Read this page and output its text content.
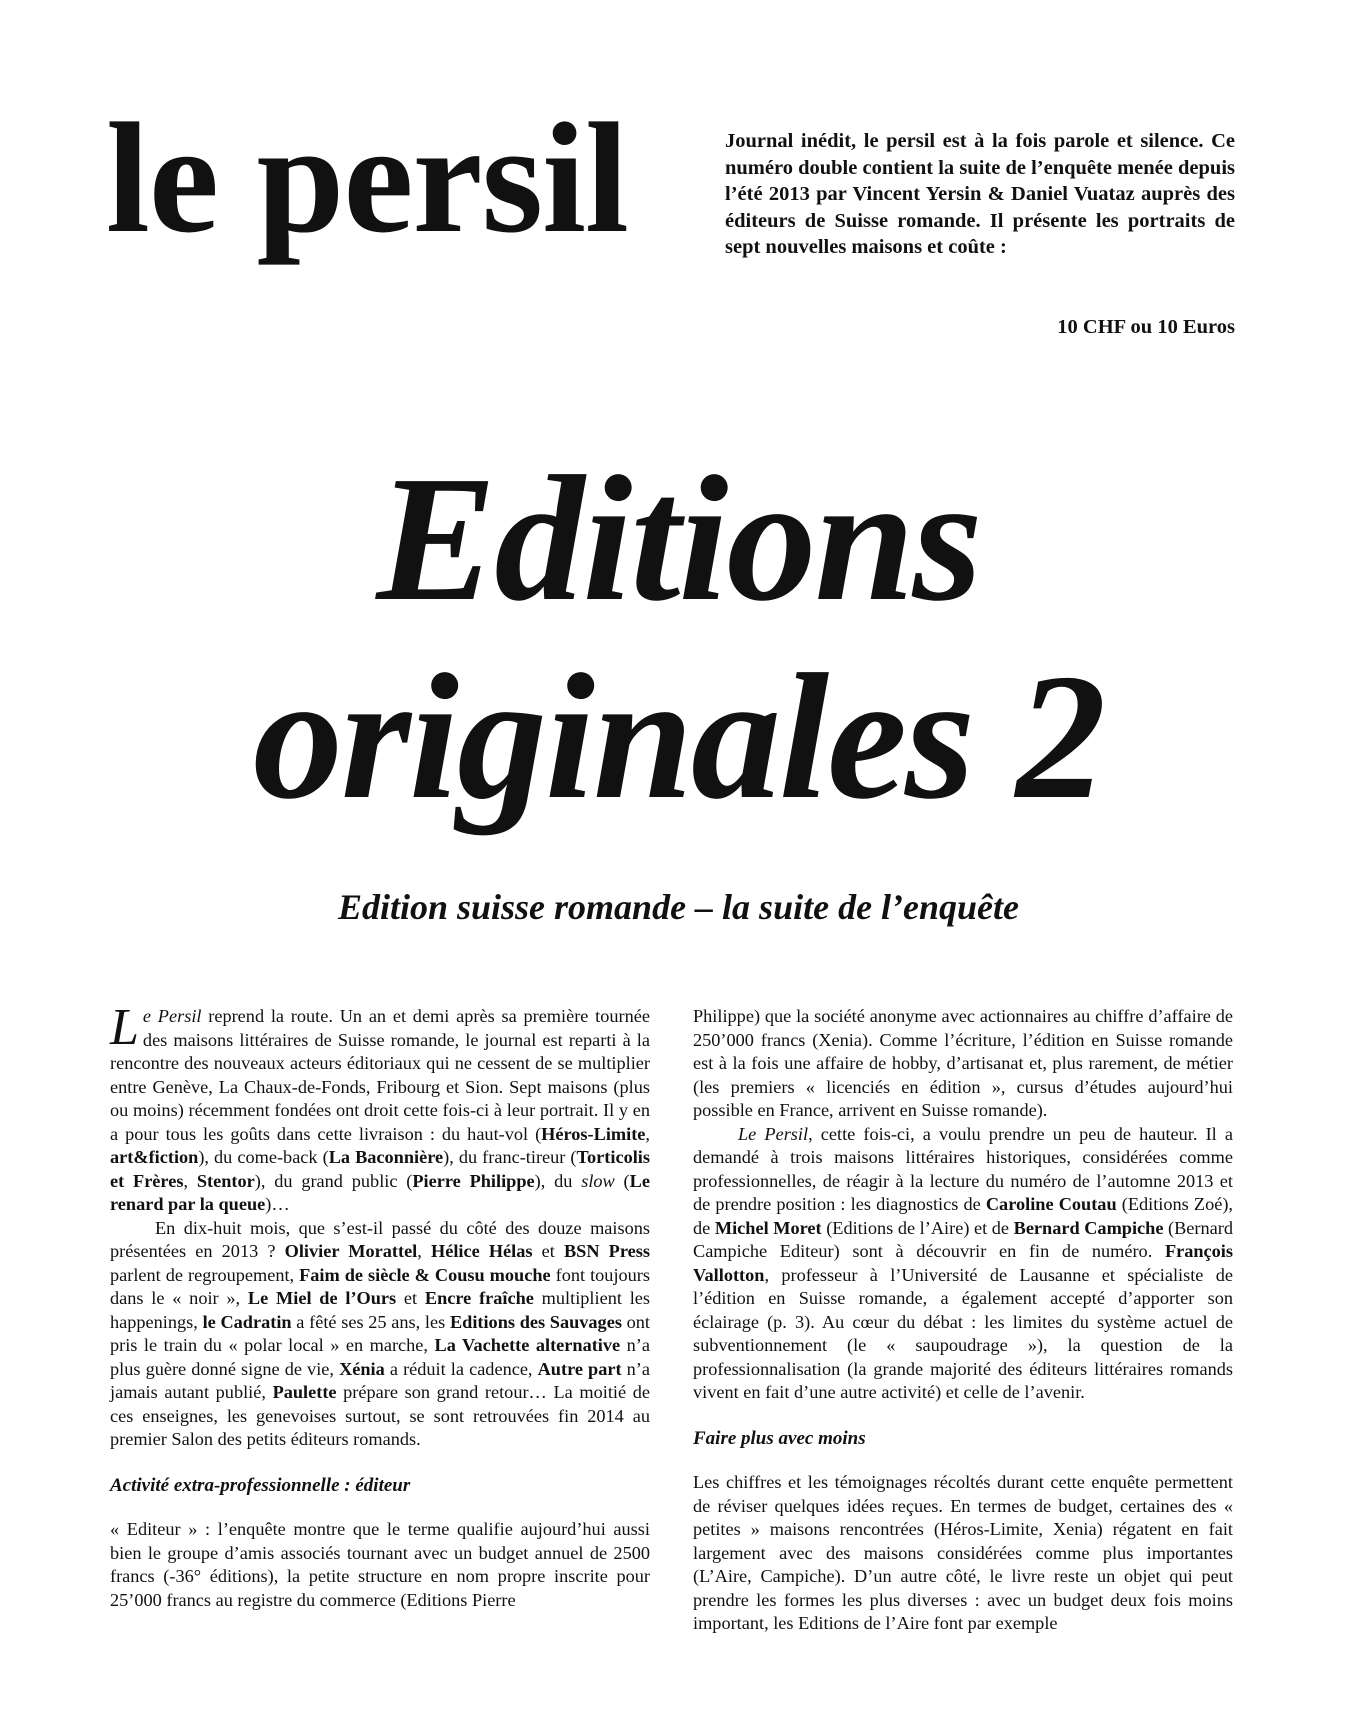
le persil	Journal inédit, le persil est à la fois parole et silence. Ce numéro double contient la suite de l’enquête menée depuis l’été 2013 par Vincent Yersin & Daniel Vuataz auprès des éditeurs de Suisse romande. Il présente les portraits de sept nouvelles maisons et coûte :

10 CHF ou 10 Euros

Editions
originales 2
Edition suisse romande – la suite de l’enquête

Le Persil reprend la route. Un an et demi après sa première tournée des maisons littéraires de Suisse romande, le journal est reparti à la rencontre des nouveaux acteurs éditoriaux qui ne cessent de se multiplier entre Genève, La Chaux-de-Fonds, Fribourg et Sion. Sept maisons (plus ou moins) récemment fondées ont droit cette fois-ci à leur portrait. Il y en a pour tous les goûts dans cette livraison : du haut-vol (Héros-Limite, art&fiction), du come-back (La Baconnière), du franc-tireur (Torticolis et Frères, Stentor), du grand public (Pierre Philippe), du slow (Le renard par la queue)…

En dix-huit mois, que s’est-il passé du côté des douze maisons présentées en 2013 ? Olivier Morattel, Hélice Hélas et BSN Press parlent de regroupement, Faim de siècle & Cousu mouche font toujours dans le « noir », Le Miel de l’Ours et Encre fraîche multiplient les happenings, le Cadratin a fêté ses 25 ans, les Editions des Sauvages ont pris le train du « polar local » en marche, La Vachette alternative n’a plus guère donné signe de vie, Xénia a réduit la cadence, Autre part n’a jamais autant publié, Paulette prépare son grand retour… La moitié de ces enseignes, les genevoises surtout, se sont retrouvées fin 2014 au premier Salon des petits éditeurs romands.

Activité extra-professionnelle : éditeur

« Editeur » : l’enquête montre que le terme qualifie aujourd’hui aussi bien le groupe d’amis associés tournant avec un budget annuel de 2500 francs (-36° éditions), la petite structure en nom propre inscrite pour 25’000 francs au registre du commerce (Editions Pierre

Philippe) que la société anonyme avec actionnaires au chiffre d’affaire de 250’000 francs (Xenia). Comme l’écriture, l’édition en Suisse romande est à la fois une affaire de hobby, d’artisanat et, plus rarement, de métier (les premiers « licenciés en édition », cursus d’études aujourd’hui possible en France, arrivent en Suisse romande).

Le Persil, cette fois-ci, a voulu prendre un peu de hauteur. Il a demandé à trois maisons littéraires historiques, considérées comme professionnelles, de réagir à la lecture du numéro de l’automne 2013 et de prendre position : les diagnostics de Caroline Coutau (Editions Zoé), de Michel Moret (Editions de l’Aire) et de Bernard Campiche (Bernard Campiche Editeur) sont à découvrir en fin de numéro. François Vallotton, professeur à l’Université de Lausanne et spécialiste de l’édition en Suisse romande, a également accepté d’apporter son éclairage (p. 3). Au cœur du débat : les limites du système actuel de subventionnement (le « saupoudrage »), la question de la professionnalisation (la grande majorité des éditeurs littéraires romands vivent en fait d’une autre activité) et celle de l’avenir.

Faire plus avec moins

Les chiffres et les témoignages récoltés durant cette enquête permettent de réviser quelques idées reçues. En termes de budget, certaines des « petites » maisons rencontrées (Héros-Limite, Xenia) régatent en fait largement avec des maisons considérées comme plus importantes (L’Aire, Campiche). D’un autre côté, le livre reste un objet qui peut prendre les formes les plus diverses : avec un budget deux fois moins important, les Editions de l’Aire font par exemple
